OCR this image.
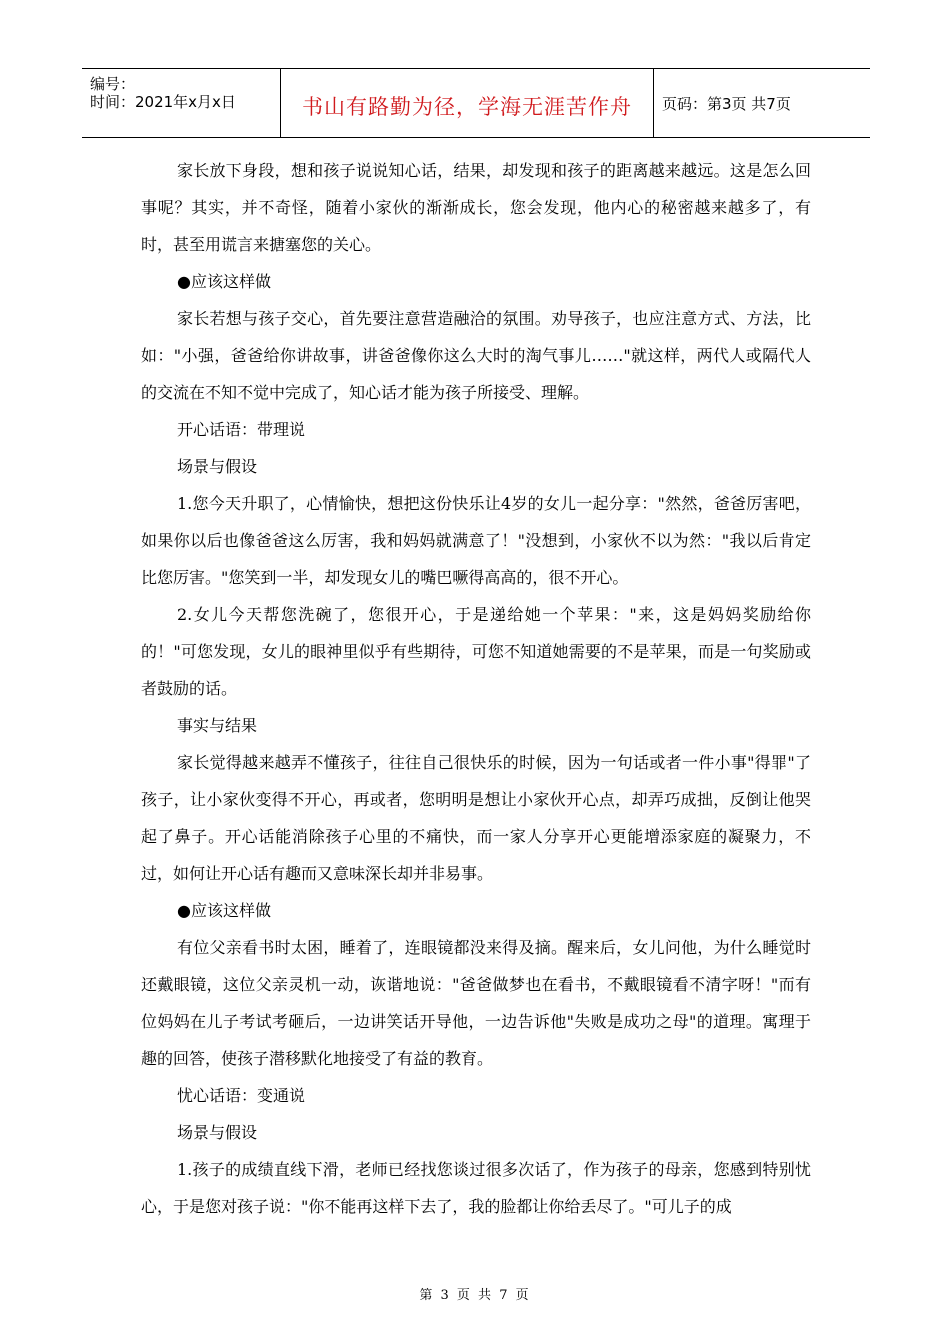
编号：
时间：2021年x月x日	书山有路勤为径，学海无涯苦作舟	页码：第3页 共7页

家长放下身段，想和孩子说说知心话，结果，却发现和孩子的距离越来越远。这是怎么回事呢？其实，并不奇怪，随着小家伙的渐渐成长，您会发现，他内心的秘密越来越多了，有时，甚至用谎言来搪塞您的关心。

●应该这样做

家长若想与孩子交心，首先要注意营造融洽的氛围。劝导孩子，也应注意方式、方法，比如："小强，爸爸给你讲故事，讲爸爸像你这么大时的淘气事儿……"就这样，两代人或隔代人的交流在不知不觉中完成了，知心话才能为孩子所接受、理解。

开心话语：带理说

场景与假设

1.您今天升职了，心情愉快，想把这份快乐让4岁的女儿一起分享："然然，爸爸厉害吧，如果你以后也像爸爸这么厉害，我和妈妈就满意了！"没想到，小家伙不以为然："我以后肯定比您厉害。"您笑到一半，却发现女儿的嘴巴噘得高高的，很不开心。

2.女儿今天帮您洗碗了，您很开心，于是递给她一个苹果："来，这是妈妈奖励给你的！"可您发现，女儿的眼神里似乎有些期待，可您不知道她需要的不是苹果，而是一句奖励或者鼓励的话。

事实与结果

家长觉得越来越弄不懂孩子，往往自己很快乐的时候，因为一句话或者一件小事"得罪"了孩子，让小家伙变得不开心，再或者，您明明是想让小家伙开心点，却弄巧成拙，反倒让他哭起了鼻子。开心话能消除孩子心里的不痛快，而一家人分享开心更能增添家庭的凝聚力，不过，如何让开心话有趣而又意味深长却并非易事。

●应该这样做

有位父亲看书时太困，睡着了，连眼镜都没来得及摘。醒来后，女儿问他，为什么睡觉时还戴眼镜，这位父亲灵机一动，诙谐地说："爸爸做梦也在看书，不戴眼镜看不清字呀！"而有位妈妈在儿子考试考砸后，一边讲笑话开导他，一边告诉他"失败是成功之母"的道理。寓理于趣的回答，使孩子潜移默化地接受了有益的教育。

忧心话语：变通说

场景与假设

1.孩子的成绩直线下滑，老师已经找您谈过很多次话了，作为孩子的母亲，您感到特别忧心，于是您对孩子说："你不能再这样下去了，我的脸都让你给丢尽了。"可儿子的成

第 3 页 共 7 页
